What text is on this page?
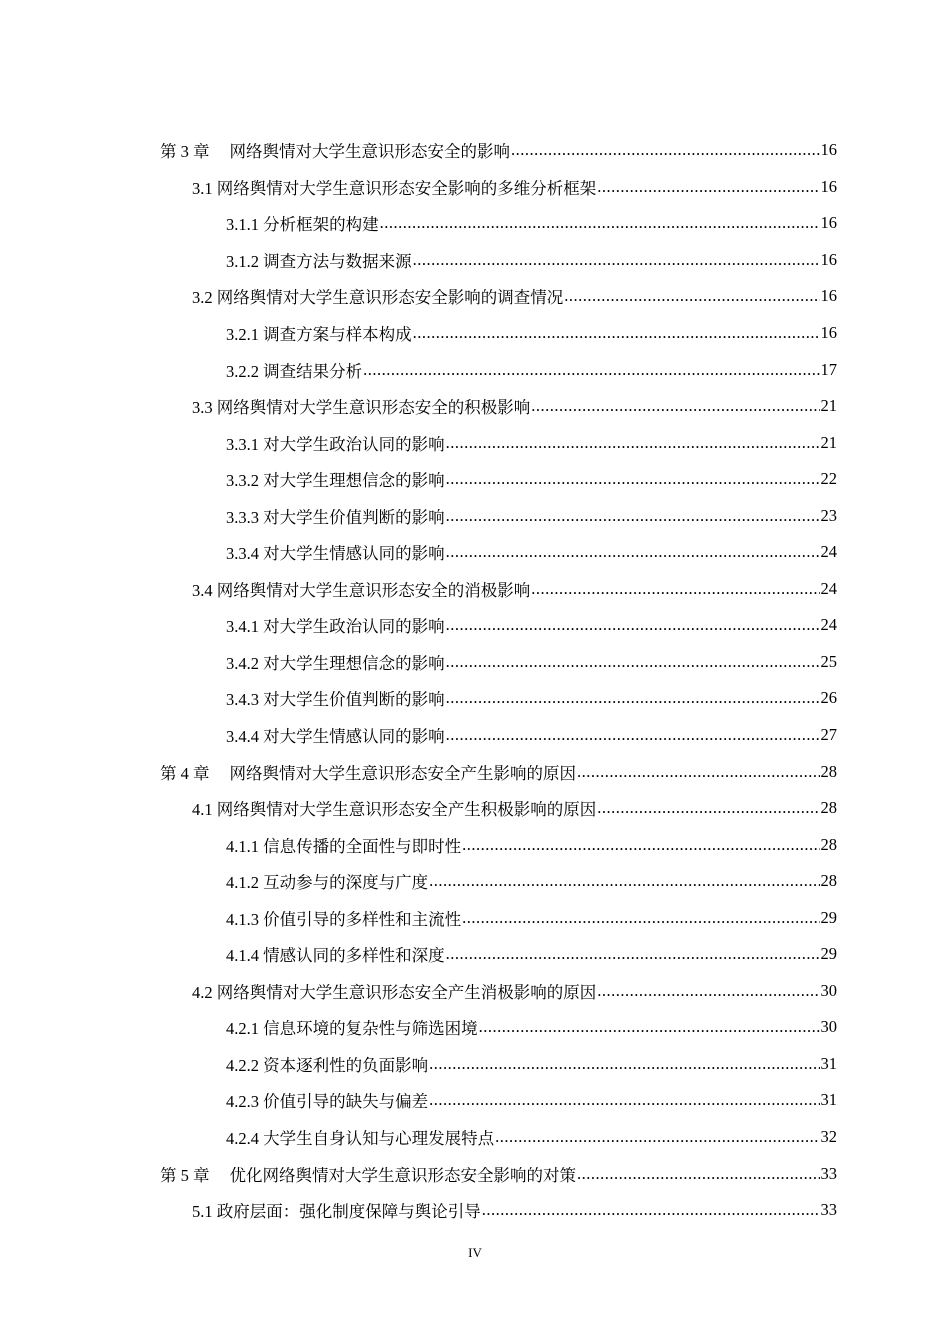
第 3 章 网络舆情对大学生意识形态安全的影响 .....	16
3.1 网络舆情对大学生意识形态安全影响的多维分析框架 .....	16
3.1.1 分析框架的构建 .....	16
3.1.2 调查方法与数据来源 .....	16
3.2 网络舆情对大学生意识形态安全影响的调查情况 .....	16
3.2.1 调查方案与样本构成 .....	16
3.2.2 调查结果分析 .....	17
3.3 网络舆情对大学生意识形态安全的积极影响 .....	21
3.3.1 对大学生政治认同的影响 .....	21
3.3.2 对大学生理想信念的影响 .....	22
3.3.3 对大学生价值判断的影响 .....	23
3.3.4 对大学生情感认同的影响 .....	24
3.4 网络舆情对大学生意识形态安全的消极影响 .....	24
3.4.1 对大学生政治认同的影响 .....	24
3.4.2 对大学生理想信念的影响 .....	25
3.4.3 对大学生价值判断的影响 .....	26
3.4.4 对大学生情感认同的影响 .....	27
第 4 章 网络舆情对大学生意识形态安全产生影响的原因 .....	28
4.1 网络舆情对大学生意识形态安全产生积极影响的原因 .....	28
4.1.1 信息传播的全面性与即时性 .....	28
4.1.2 互动参与的深度与广度 .....	28
4.1.3 价值引导的多样性和主流性 .....	29
4.1.4 情感认同的多样性和深度 .....	29
4.2 网络舆情对大学生意识形态安全产生消极影响的原因 .....	30
4.2.1 信息环境的复杂性与筛选困境 .....	30
4.2.2 资本逐利性的负面影响 .....	31
4.2.3 价值引导的缺失与偏差 .....	31
4.2.4 大学生自身认知与心理发展特点 .....	32
第 5 章 优化网络舆情对大学生意识形态安全影响的对策 .....	33
5.1 政府层面：强化制度保障与舆论引导 .....	33
IV
